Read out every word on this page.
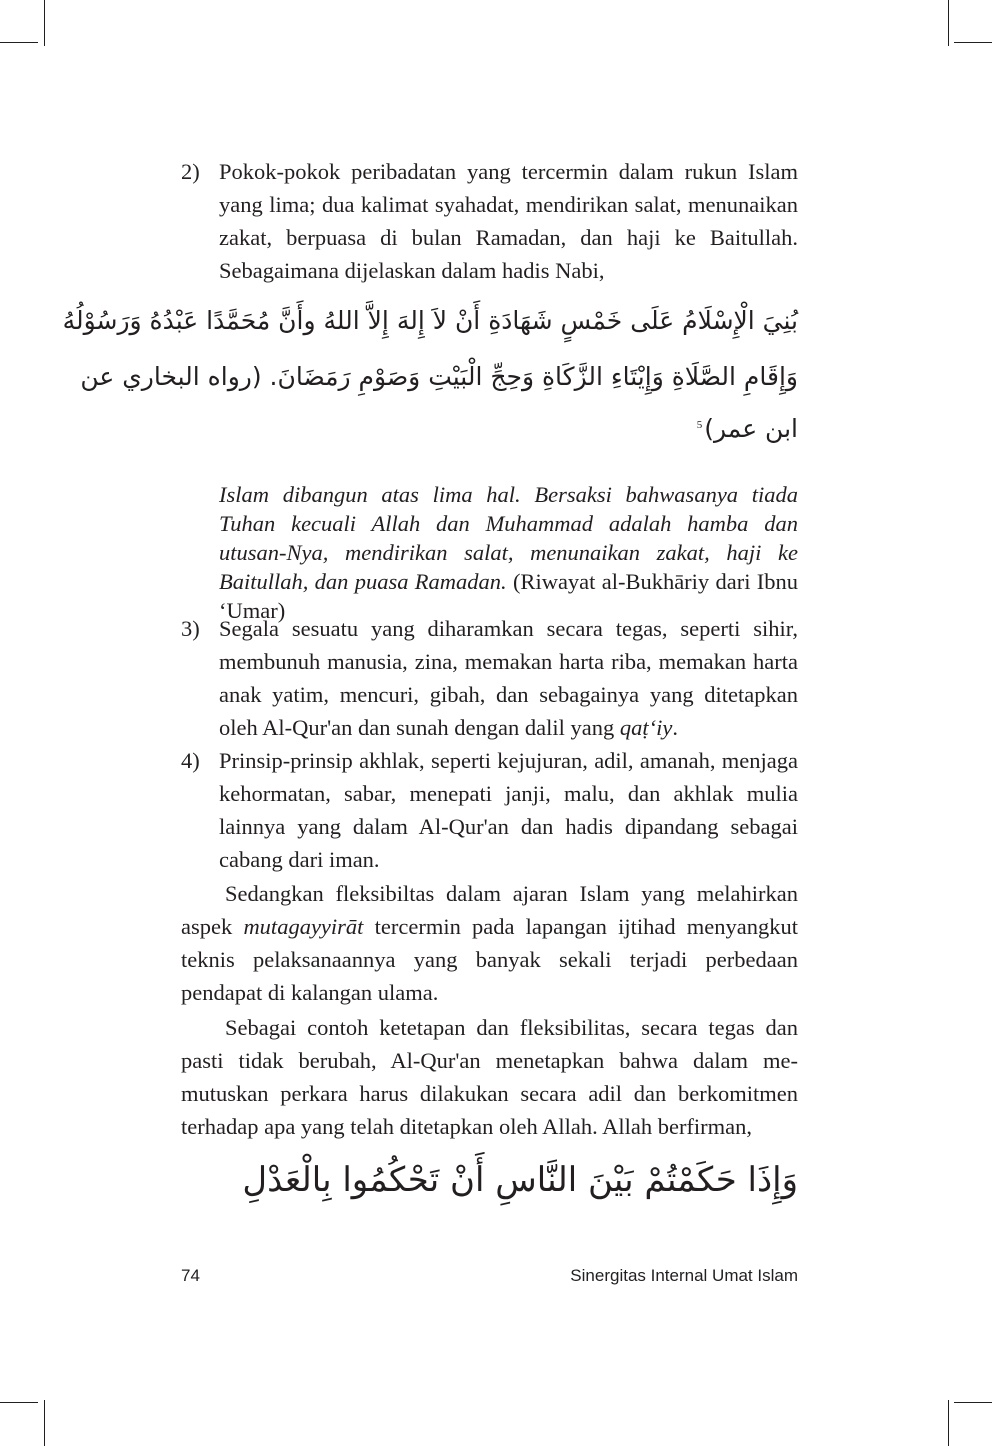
2) Pokok-pokok peribadatan yang tercermin dalam rukun Islam yang lima; dua kalimat syahadat, mendirikan salat, menunaikan zakat, berpuasa di bulan Ramadan, dan haji ke Baitullah. Sebagaimana dijelaskan dalam hadis Nabi,
بُنِيَ الْإِسْلَامُ عَلَى خَمْسٍ شَهَادَةِ أَنْ لاَ إِلهَ إِلاَّ اللهُ وأَنَّ مُحَمَّدًا عَبْدُهُ وَرَسُوْلُهُ
وَإِقَامِ الصَّلَاةِ وَإِيْتَاءِ الزَّكَاةِ وَحِجِّ الْبَيْتِ وَصَوْمِ رَمَضَانَ. (رواه البخاري عن
ابن عمر)$^5$
Islam dibangun atas lima hal. Bersaksi bahwasanya tiada Tuhan kecuali Allah dan Muhammad adalah hamba dan utusan-Nya, mendirikan salat, menunaikan zakat, haji ke Baitullah, dan puasa Ramadan. (Riwayat al-Bukhāriy dari Ibnu ‘Umar)
3) Segala sesuatu yang diharamkan secara tegas, seperti sihir, membunuh manusia, zina, memakan harta riba, memakan harta anak yatim, mencuri, gibah, dan sebagainya yang ditetapkan oleh Al-Qur'an dan sunah dengan dalil yang qaṭ‘iy.
4) Prinsip-prinsip akhlak, seperti kejujuran, adil, amanah, menjaga kehormatan, sabar, menepati janji, malu, dan akhlak mulia lainnya yang dalam Al-Qur'an dan hadis dipandang sebagai cabang dari iman.
Sedangkan fleksibiltas dalam ajaran Islam yang melahirkan aspek mutagayyirāt tercermin pada lapangan ijtihad menyangkut teknis pelaksanaannya yang banyak sekali terjadi perbedaan pendapat di kalangan ulama.
Sebagai contoh ketetapan dan fleksibilitas, secara tegas dan pasti tidak berubah, Al-Qur'an menetapkan bahwa dalam memutuskan perkara harus dilakukan secara adil dan berkomitmen terhadap apa yang telah ditetapkan oleh Allah. Allah berfirman,
وَإِذَا حَكَمْتُمْ بَيْنَ النَّاسِ أَنْ تَحْكُمُوا بِالْعَدْلِ
74	Sinergitas Internal Umat Islam
